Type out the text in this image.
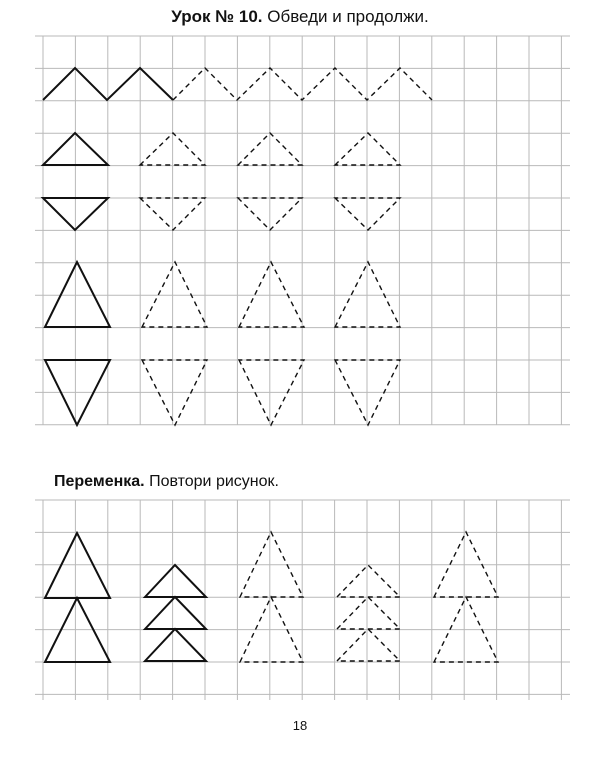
Урок № 10. Обведи и продолжи.
Переменка. Повтори рисунок.
18
